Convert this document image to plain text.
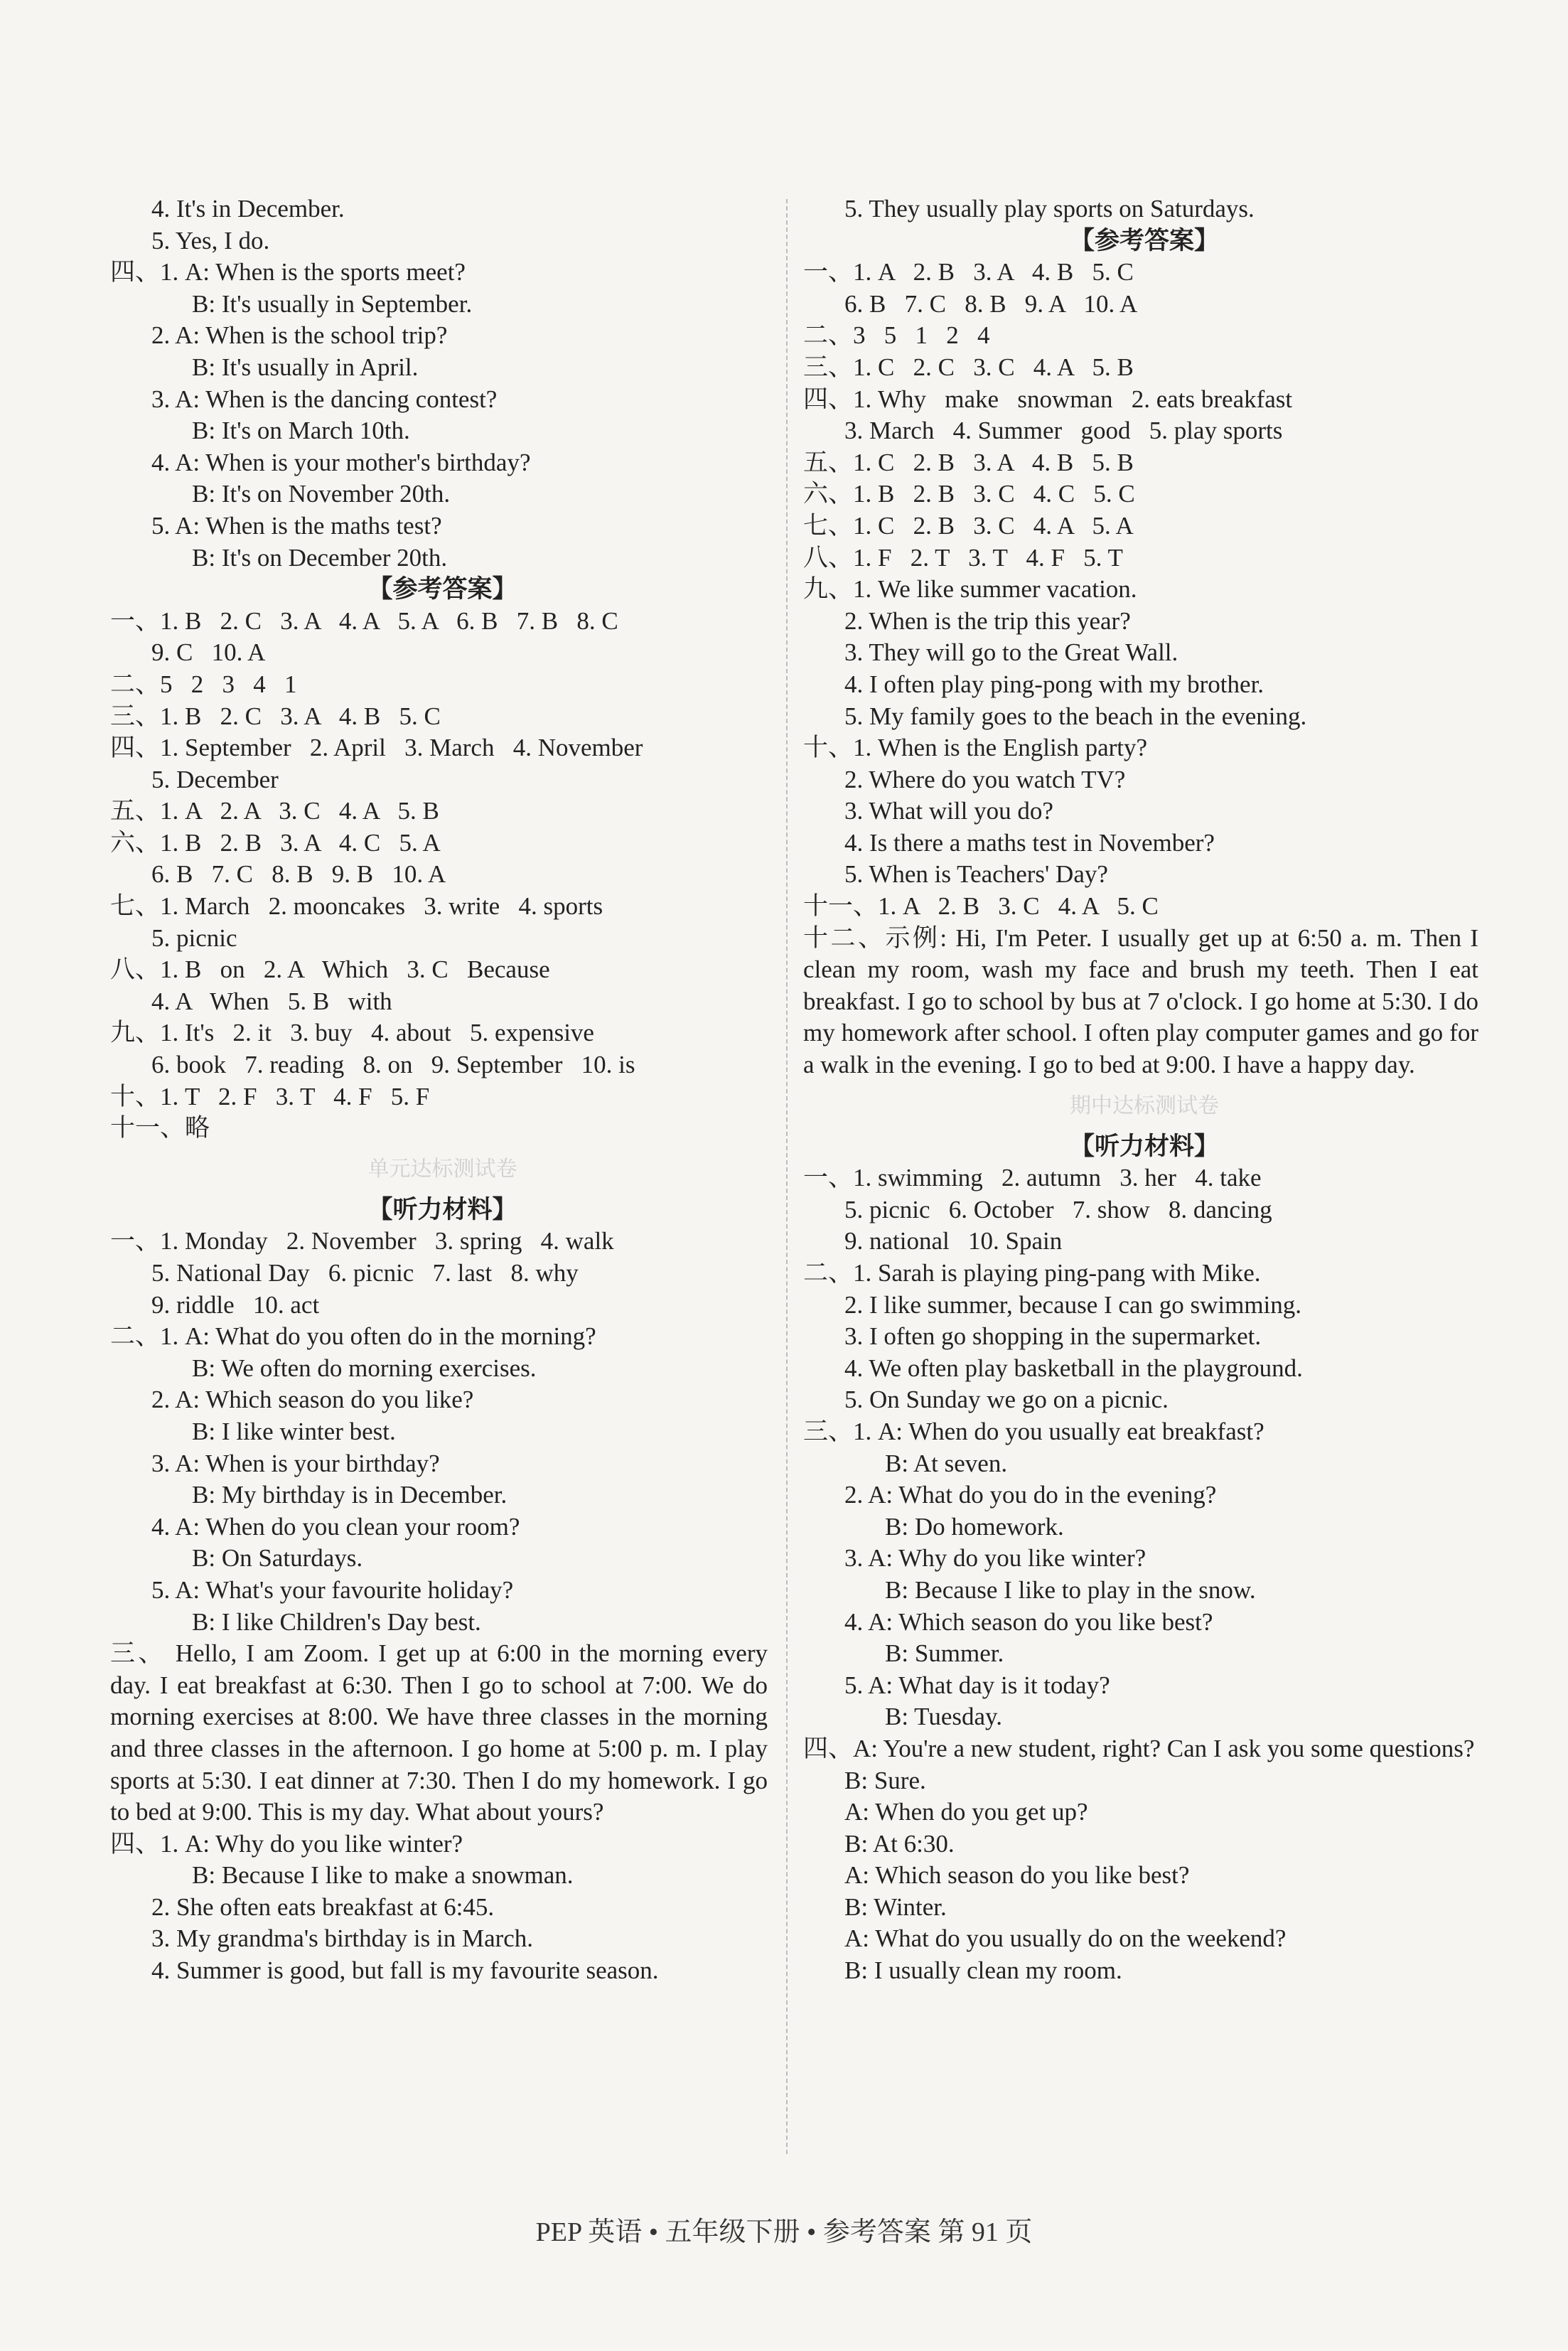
4. It's in December.
5. Yes, I do.
四、1. A: When is the sports meet?
B: It's usually in September.
2. A: When is the school trip?
B: It's usually in April.
3. A: When is the dancing contest?
B: It's on March 10th.
4. A: When is your mother's birthday?
B: It's on November 20th.
5. A: When is the maths test?
B: It's on December 20th.
【参考答案】
一、1. B   2. C   3. A   4. A   5. A   6. B   7. B   8. C
9. C   10. A
二、5   2   3   4   1
三、1. B   2. C   3. A   4. B   5. C
四、1. September   2. April   3. March   4. November
5. December
五、1. A   2. A   3. C   4. A   5. B
六、1. B   2. B   3. A   4. C   5. A
6. B   7. C   8. B   9. B   10. A
七、1. March   2. mooncakes   3. write   4. sports
5. picnic
八、1. B   on   2. A   Which   3. C   Because
4. A   When   5. B   with
九、1. It's   2. it   3. buy   4. about   5. expensive
6. book   7. reading   8. on   9. September   10. is
十、1. T   2. F   3. T   4. F   5. F
十一、略
单元达标测试卷
【听力材料】
一、1. Monday   2. November   3. spring   4. walk
5. National Day   6. picnic   7. last   8. why
9. riddle   10. act
二、1. A: What do you often do in the morning?
B: We often do morning exercises.
2. A: Which season do you like?
B: I like winter best.
3. A: When is your birthday?
B: My birthday is in December.
4. A: When do you clean your room?
B: On Saturdays.
5. A: What's your favourite holiday?
B: I like Children's Day best.
三、 Hello, I am Zoom. I get up at 6:00 in the morning every day. I eat breakfast at 6:30. Then I go to school at 7:00. We do morning exercises at 8:00. We have three classes in the morning and three classes in the afternoon. I go home at 5:00 p. m. I play sports at 5:30. I eat dinner at 7:30. Then I do my homework. I go to bed at 9:00. This is my day. What about yours?
四、1. A: Why do you like winter?
B: Because I like to make a snowman.
2. She often eats breakfast at 6:45.
3. My grandma's birthday is in March.
4. Summer is good, but fall is my favourite season.
5. They usually play sports on Saturdays.
【参考答案】
一、1. A   2. B   3. A   4. B   5. C
6. B   7. C   8. B   9. A   10. A
二、3   5   1   2   4
三、1. C   2. C   3. C   4. A   5. B
四、1. Why   make   snowman   2. eats breakfast
3. March   4. Summer   good   5. play sports
五、1. C   2. B   3. A   4. B   5. B
六、1. B   2. B   3. C   4. C   5. C
七、1. C   2. B   3. C   4. A   5. A
八、1. F   2. T   3. T   4. F   5. T
九、1. We like summer vacation.
2. When is the trip this year?
3. They will go to the Great Wall.
4. I often play ping-pong with my brother.
5. My family goes to the beach in the evening.
十、1. When is the English party?
2. Where do you watch TV?
3. What will you do?
4. Is there a maths test in November?
5. When is Teachers' Day?
十一、1. A   2. B   3. C   4. A   5. C
十二、示例: Hi, I'm Peter. I usually get up at 6:50 a. m. Then I clean my room, wash my face and brush my teeth. Then I eat breakfast. I go to school by bus at 7 o'clock. I go home at 5:30. I do my homework after school. I often play computer games and go for a walk in the evening. I go to bed at 9:00. I have a happy day.
期中达标测试卷
【听力材料】
一、1. swimming   2. autumn   3. her   4. take
5. picnic   6. October   7. show   8. dancing
9. national   10. Spain
二、1. Sarah is playing ping-pang with Mike.
2. I like summer, because I can go swimming.
3. I often go shopping in the supermarket.
4. We often play basketball in the playground.
5. On Sunday we go on a picnic.
三、1. A: When do you usually eat breakfast?
B: At seven.
2. A: What do you do in the evening?
B: Do homework.
3. A: Why do you like winter?
B: Because I like to play in the snow.
4. A: Which season do you like best?
B: Summer.
5. A: What day is it today?
B: Tuesday.
四、A: You're a new student, right? Can I ask you some questions?
B: Sure.
A: When do you get up?
B: At 6:30.
A: Which season do you like best?
B: Winter.
A: What do you usually do on the weekend?
B: I usually clean my room.
PEP 英语 • 五年级下册 • 参考答案 第 91 页
